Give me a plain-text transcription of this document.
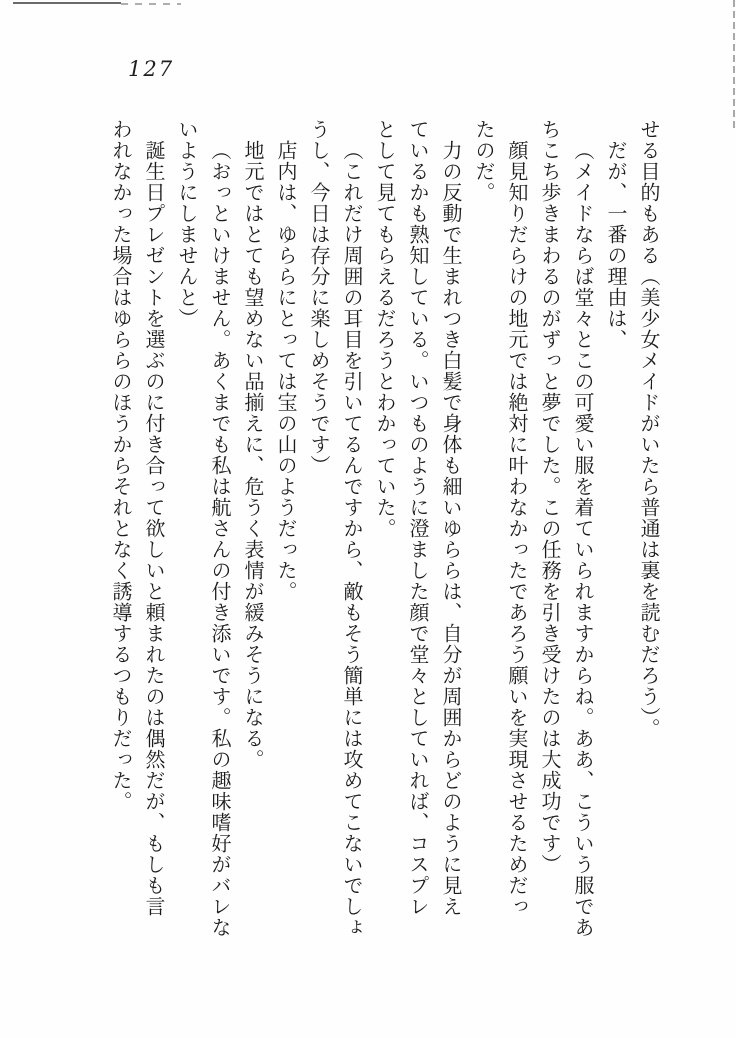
127
せる目的もある（美少女メイドがいたら普通は裏を読むだろう）。
だが、一番の理由は、
（メイドならば堂々とこの可愛い服を着ていられますからね。ああ、こういう服であ
ちこち歩きまわるのがずっと夢でした。この任務を引き受けたのは大成功です）
顔見知りだらけの地元では絶対に叶わなかったであろう願いを実現させるためだっ
たのだ。
力の反動で生まれつき白髪で身体も細いゆららは、自分が周囲からどのように見え
ているかも熟知している。いつものように澄ました顔で堂々としていれば、コスプレ
として見てもらえるだろうとわかっていた。
（これだけ周囲の耳目を引いてるんですから、敵もそう簡単には攻めてこないでしょ
うし、今日は存分に楽しめそうです）
店内は、ゆららにとっては宝の山のようだった。
地元ではとても望めない品揃えに、危うく表情が緩みそうになる。
（おっといけません。あくまでも私は航さんの付き添いです。私の趣味嗜好がバレな
いようにしませんと）
誕生日プレゼントを選ぶのに付き合って欲しいと頼まれたのは偶然だが、もしも言
われなかった場合はゆららのほうからそれとなく誘導するつもりだった。
